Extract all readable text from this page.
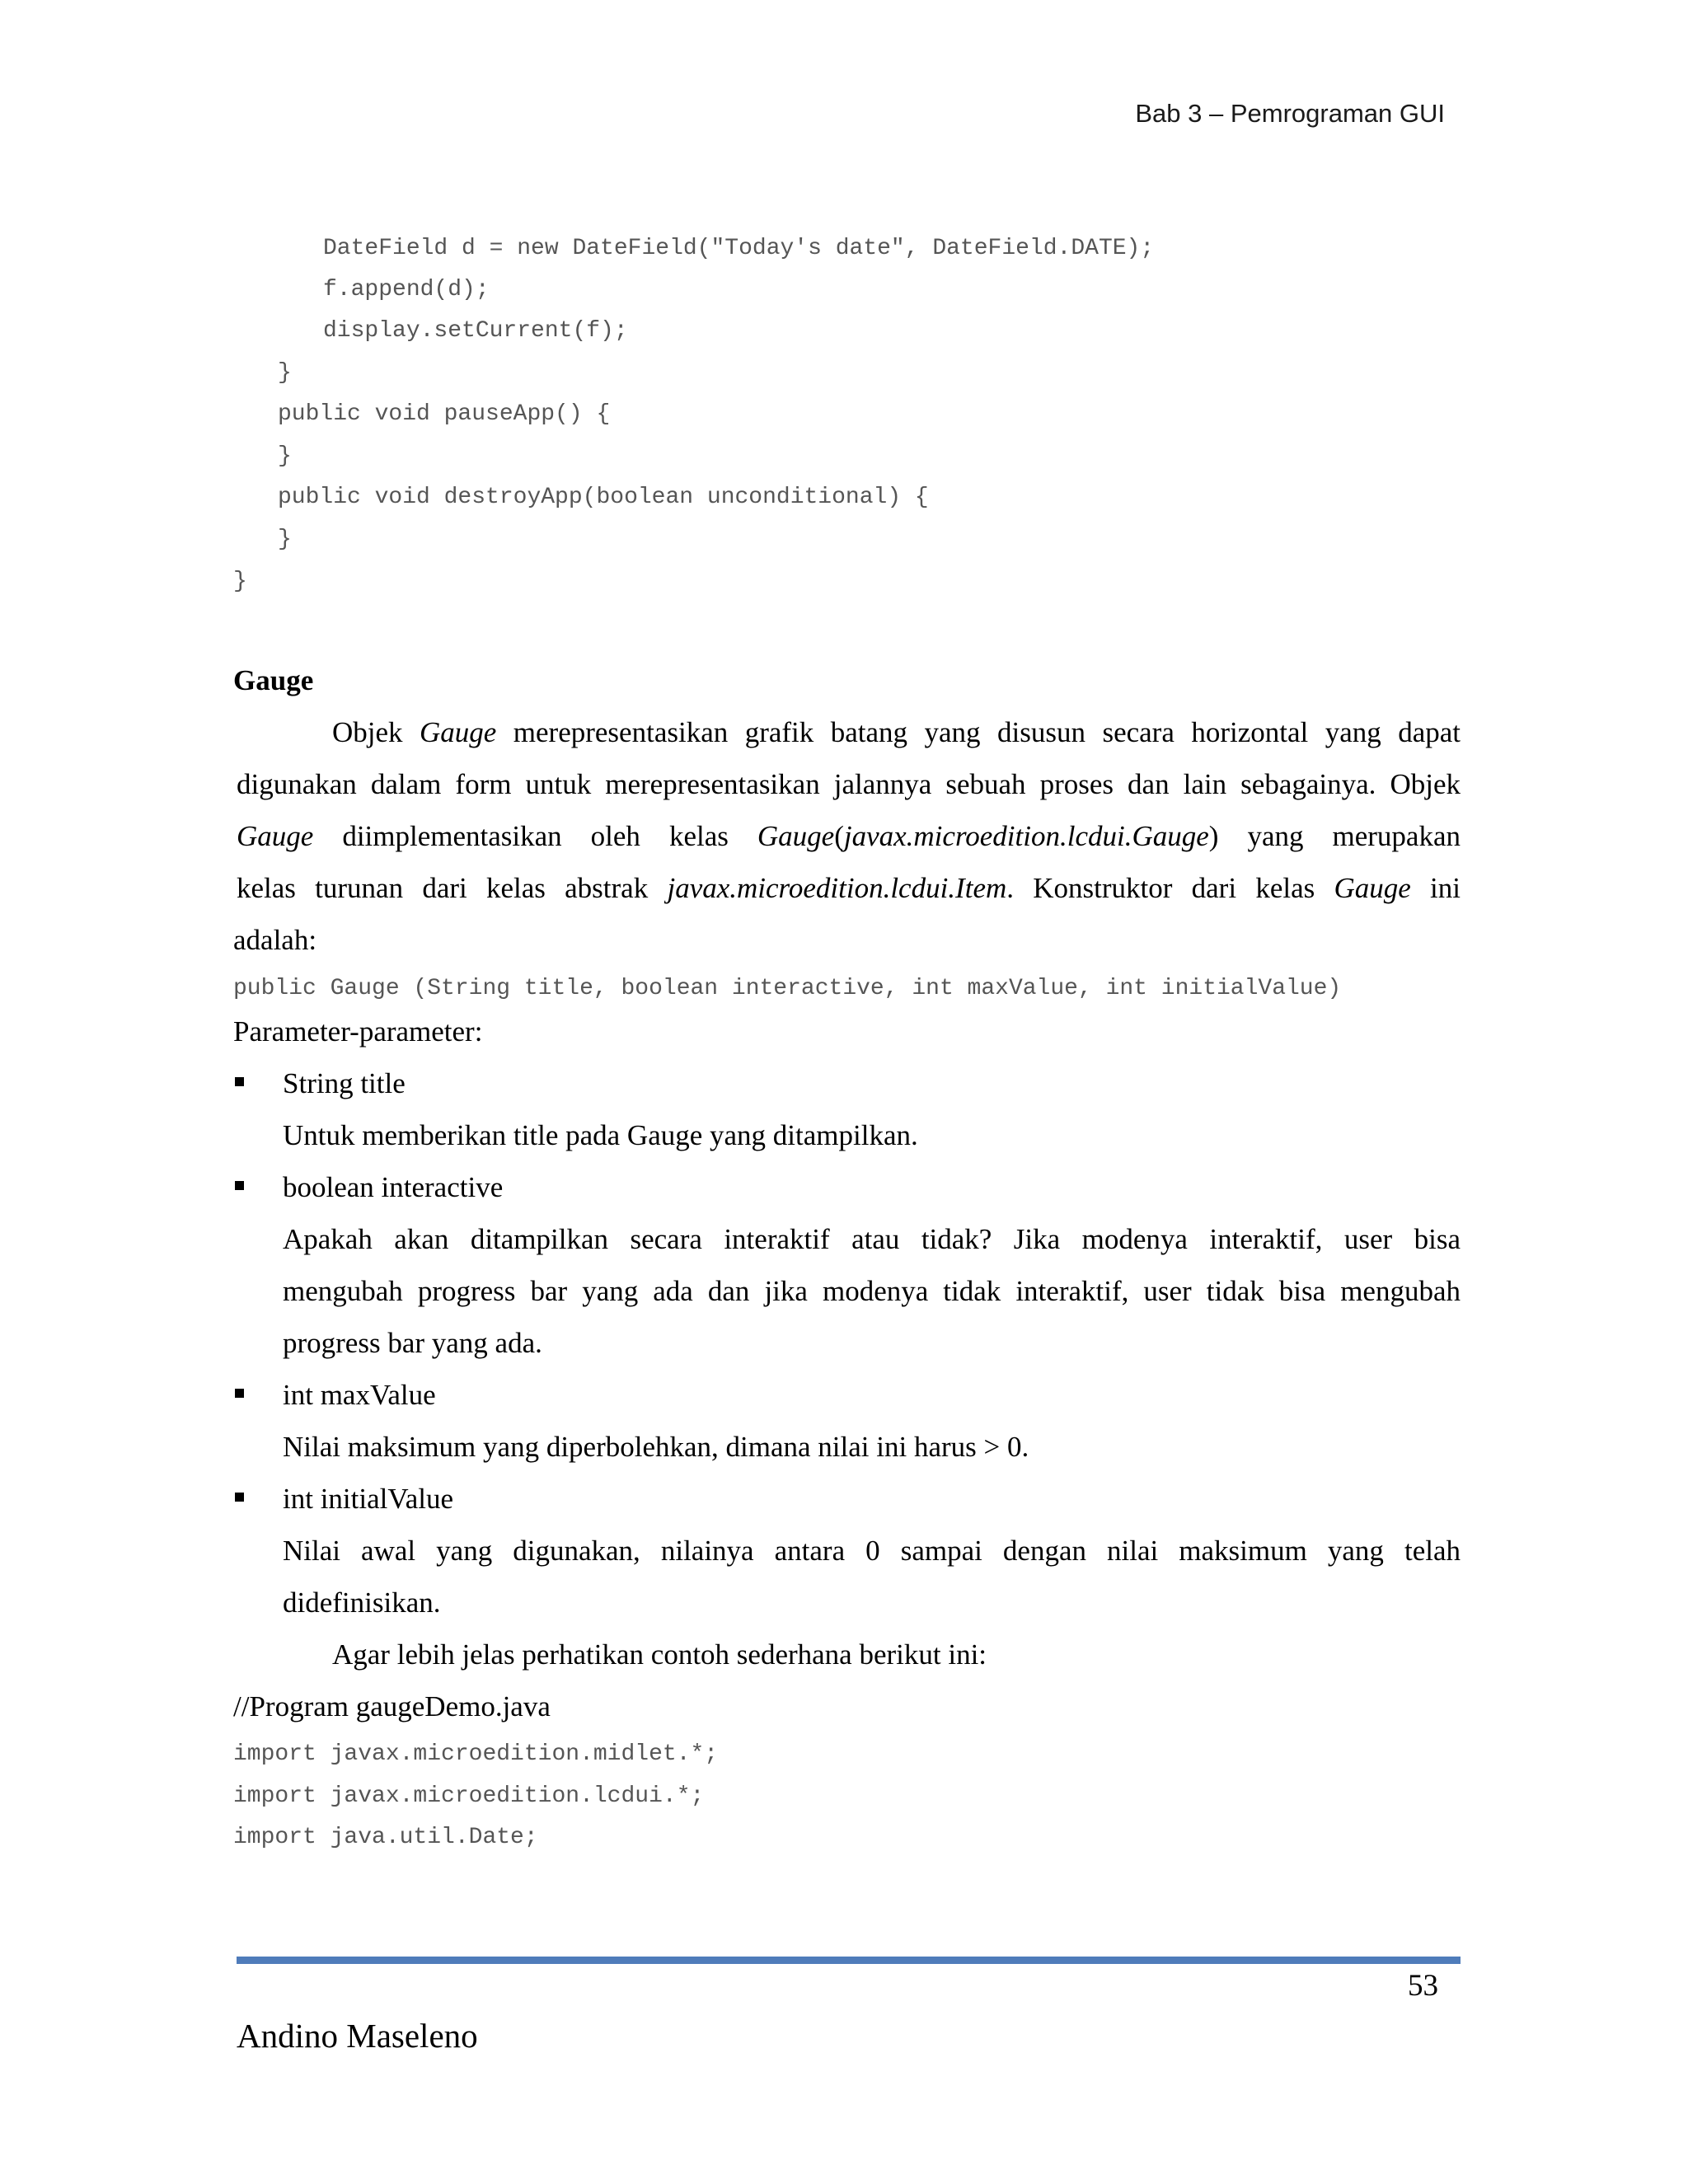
Bab 3 – Pemrograman GUI
DateField d = new DateField("Today's date", DateField.DATE);
f.append(d);
display.setCurrent(f);
}
public void pauseApp() {
}
public void destroyApp(boolean unconditional) {
}
}
Gauge
Objek Gauge merepresentasikan grafik batang yang disusun secara horizontal yang dapat
digunakan dalam form untuk merepresentasikan jalannya sebuah proses dan lain sebagainya. Objek
Gauge diimplementasikan oleh kelas Gauge(javax.microedition.lcdui.Gauge) yang merupakan
kelas turunan dari kelas abstrak javax.microedition.lcdui.Item. Konstruktor dari kelas Gauge ini
adalah:
public Gauge (String title, boolean interactive, int maxValue, int initialValue)
Parameter-parameter:
String title
Untuk memberikan title pada Gauge yang ditampilkan.
boolean interactive
Apakah akan ditampilkan secara interaktif atau tidak? Jika modenya interaktif, user bisa
mengubah progress bar yang ada dan jika modenya tidak interaktif, user tidak bisa mengubah
progress bar yang ada.
int maxValue
Nilai maksimum yang diperbolehkan, dimana nilai ini harus > 0.
int initialValue
Nilai awal yang digunakan, nilainya antara 0 sampai dengan nilai maksimum yang telah
didefinisikan.
Agar lebih jelas perhatikan contoh sederhana berikut ini:
//Program gaugeDemo.java
import javax.microedition.midlet.*;
import javax.microedition.lcdui.*;
import java.util.Date;
53
Andino Maseleno
